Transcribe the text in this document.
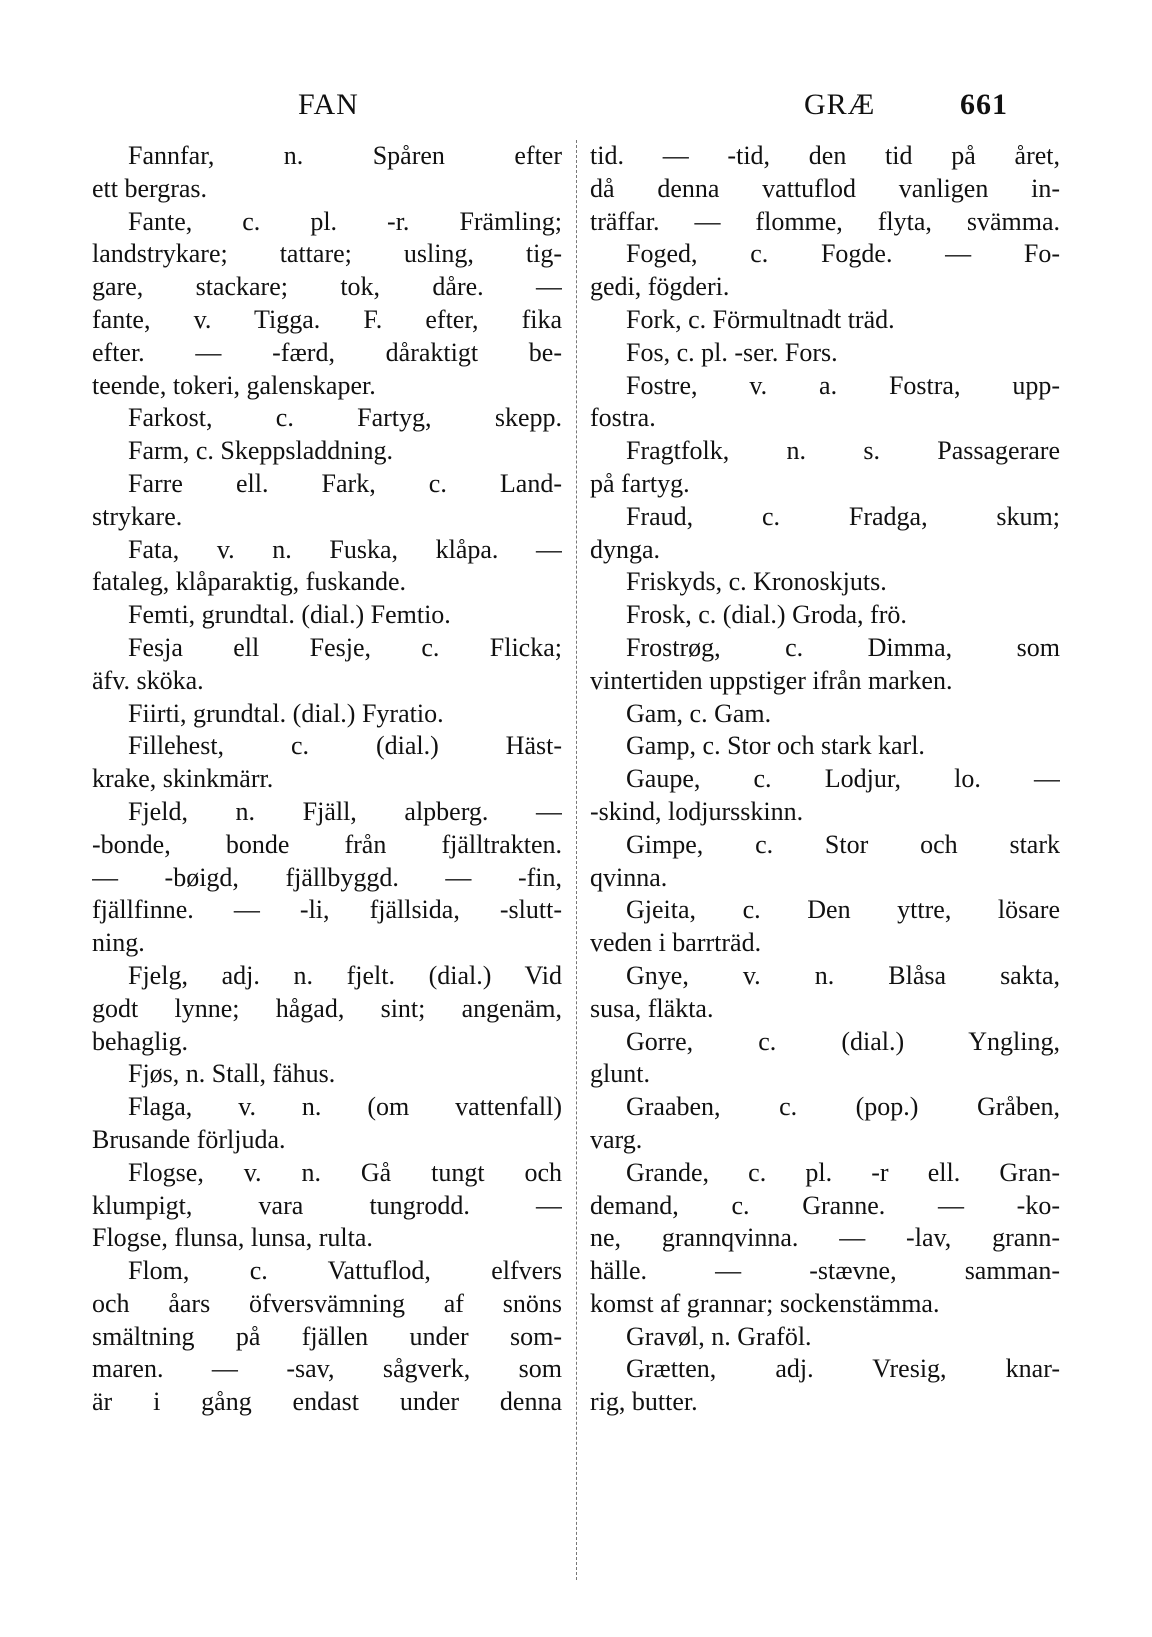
FAN	GRÆ	661
Fannfar, n. Spåren efter
ett bergras.
Fante, c. pl. -r. Främling;
landstrykare; tattare; usling, tig-
gare, stackare; tok, dåre. —
fante, v. Tigga. F. efter, fika
efter. — -færd, dåraktigt be-
teende, tokeri, galenskaper.
Farkost, c. Fartyg, skepp.
Farm, c. Skeppsladdning.
Farre ell. Fark, c. Land-
strykare.
Fata, v. n. Fuska, klåpa. —
fataleg, klåparaktig, fuskande.
Femti, grundtal. (dial.) Femtio.
Fesja ell Fesje, c. Flicka;
äfv. sköka.
Fiirti, grundtal. (dial.) Fyratio.
Fillehest, c. (dial.) Häst-
krake, skinkmärr.
Fjeld, n. Fjäll, alpberg. —
-bonde, bonde från fjälltrakten.
— -bøigd, fjällbyggd. — -fin,
fjällfinne. — -li, fjällsida, -slutt-
ning.
Fjelg, adj. n. fjelt. (dial.) Vid
godt lynne; hågad, sint; angenäm,
behaglig.
Fjøs, n. Stall, fähus.
Flaga, v. n. (om vattenfall)
Brusande förljuda.
Flogse, v. n. Gå tungt och
klumpigt, vara tungrodd. —
Flogse, flunsa, lunsa, rulta.
Flom, c. Vattuflod, elfvers
och åars öfversvämning af snöns
smältning på fjällen under som-
maren. — -sav, sågverk, som
är i gång endast under denna
tid. — -tid, den tid på året,
då denna vattuflod vanligen in-
träffar. — flomme, flyta, svämma.
Foged, c. Fogde. — Fo-
gedi, fögderi.
Fork, c. Förmultnadt träd.
Fos, c. pl. -ser. Fors.
Fostre, v. a. Fostra, upp-
fostra.
Fragtfolk, n. s. Passagerare
på fartyg.
Fraud, c. Fradga, skum;
dynga.
Friskyds, c. Kronoskjuts.
Frosk, c. (dial.) Groda, frö.
Frostrøg, c. Dimma, som
vintertiden uppstiger ifrån marken.
Gam, c. Gam.
Gamp, c. Stor och stark karl.
Gaupe, c. Lodjur, lo. —
-skind, lodjursskinn.
Gimpe, c. Stor och stark
qvinna.
Gjeita, c. Den yttre, lösare
veden i barrträd.
Gnye, v. n. Blåsa sakta,
susa, fläkta.
Gorre, c. (dial.) Yngling,
glunt.
Graaben, c. (pop.) Gråben,
varg.
Grande, c. pl. -r ell. Gran-
demand, c. Granne. — -ko-
ne, grannqvinna. — -lav, grann-
hälle. — -stævne, samman-
komst af grannar; sockenstämma.
Gravøl, n. Graföl.
Grætten, adj. Vresig, knar-
rig, butter.
